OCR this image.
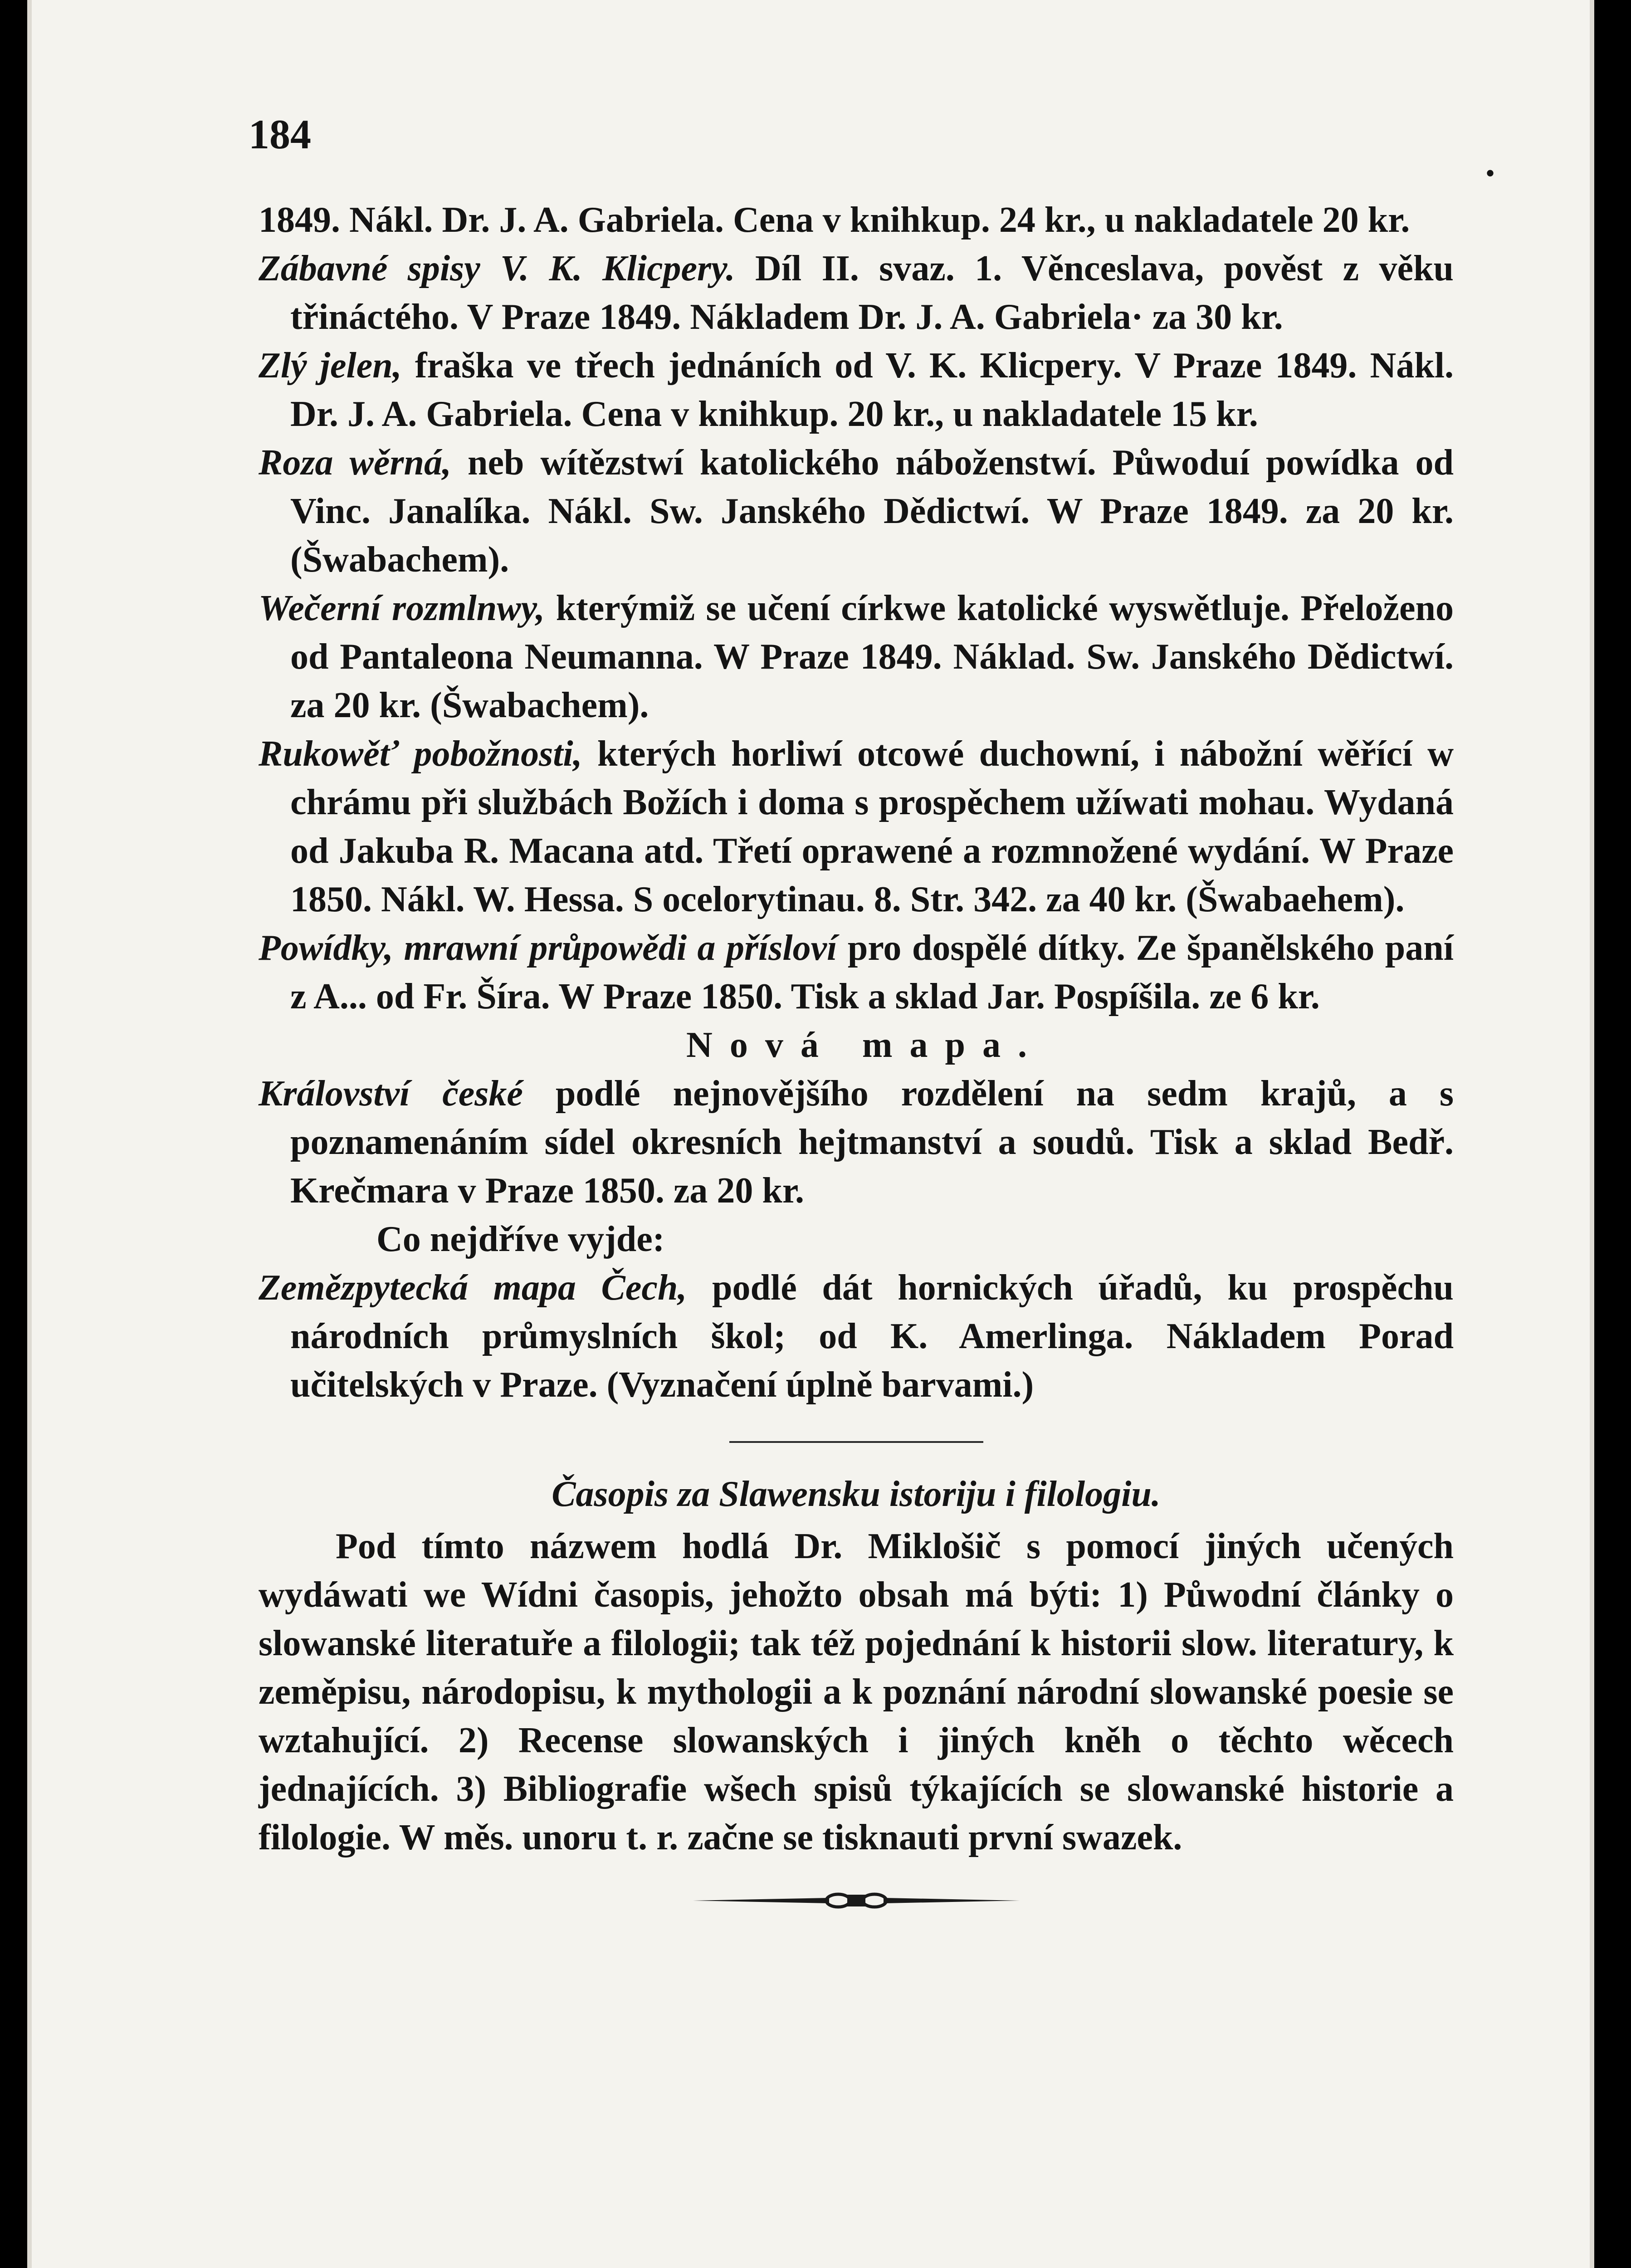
184
•

1849. Nákl. Dr. J. A. Gabriela. Cena v knihkup. 24 kr., u nakladatele 20 kr.

Zábavné spisy V. K. Klicpery. Díl II. svaz. 1. Věnceslava, pověst z věku třináctého. V Praze 1849. Nákladem Dr. J. A. Gabriela· za 30 kr.

Zlý jelen, fraška ve třech jednáních od V. K. Klicpery. V Praze 1849. Nákl. Dr. J. A. Gabriela. Cena v knihkup. 20 kr., u nakladatele 15 kr.

Roza wěrná, neb wítězstwí katolického náboženstwí. Půwoduí powídka od Vinc. Janalíka. Nákl. Sw. Janského Dědictwí. W Praze 1849. za 20 kr. (Šwabachem).

Wečerní rozmlnwy, kterýmiž se učení církwe katolické wyswětluje. Přeloženo od Pantaleona Neumanna. W Praze 1849. Náklad. Sw. Janského Dědictwí. za 20 kr. (Šwabachem).

Rukowěť pobožnosti, kterých horliwí otcowé duchowní, i nábožní wěřící w chrámu při službách Božích i doma s prospěchem užíwati mohau. Wydaná od Jakuba R. Macana atd. Třetí oprawené a rozmnožené wydání. W Praze 1850. Nákl. W. Hessa. S ocelorytinau. 8. Str. 342. za 40 kr. (Šwabaehem).

Powídky, mrawní průpowědi a přísloví pro dospělé dítky. Ze španělského paní z A... od Fr. Šíra. W Praze 1850. Tisk a sklad Jar. Pospíšila. ze 6 kr.

Nová mapa.

Království české podlé nejnovějšího rozdělení na sedm krajů, a s poznamenáním sídel okresních hejtmanství a soudů. Tisk a sklad Bedř. Krečmara v Praze 1850. za 20 kr.

Co nejdříve vyjde:

Zemězpytecká mapa Čech, podlé dát hornických úřadů, ku prospěchu národních průmyslních škol; od K. Amerlinga. Nákladem Porad učitelských v Praze. (Vyznačení úplně barvami.)

Časopis za Slawensku istoriju i filologiu.

Pod tímto názwem hodlá Dr. Miklošič s pomocí jiných učených wydáwati we Wídni časopis, jehožto obsah má býti: 1) Půwodní články o slowanské literatuře a filologii; tak též pojednání k historii slow. literatury, k zeměpisu, národopisu, k mythologii a k poznání národní slowanské poesie se wztahující. 2) Recense slowanských i jiných kněh o těchto wěcech jednajících. 3) Bibliografie wšech spisů týkajících se slowanské historie a filologie. W měs. unoru t. r. začne se tisknauti první swazek.
